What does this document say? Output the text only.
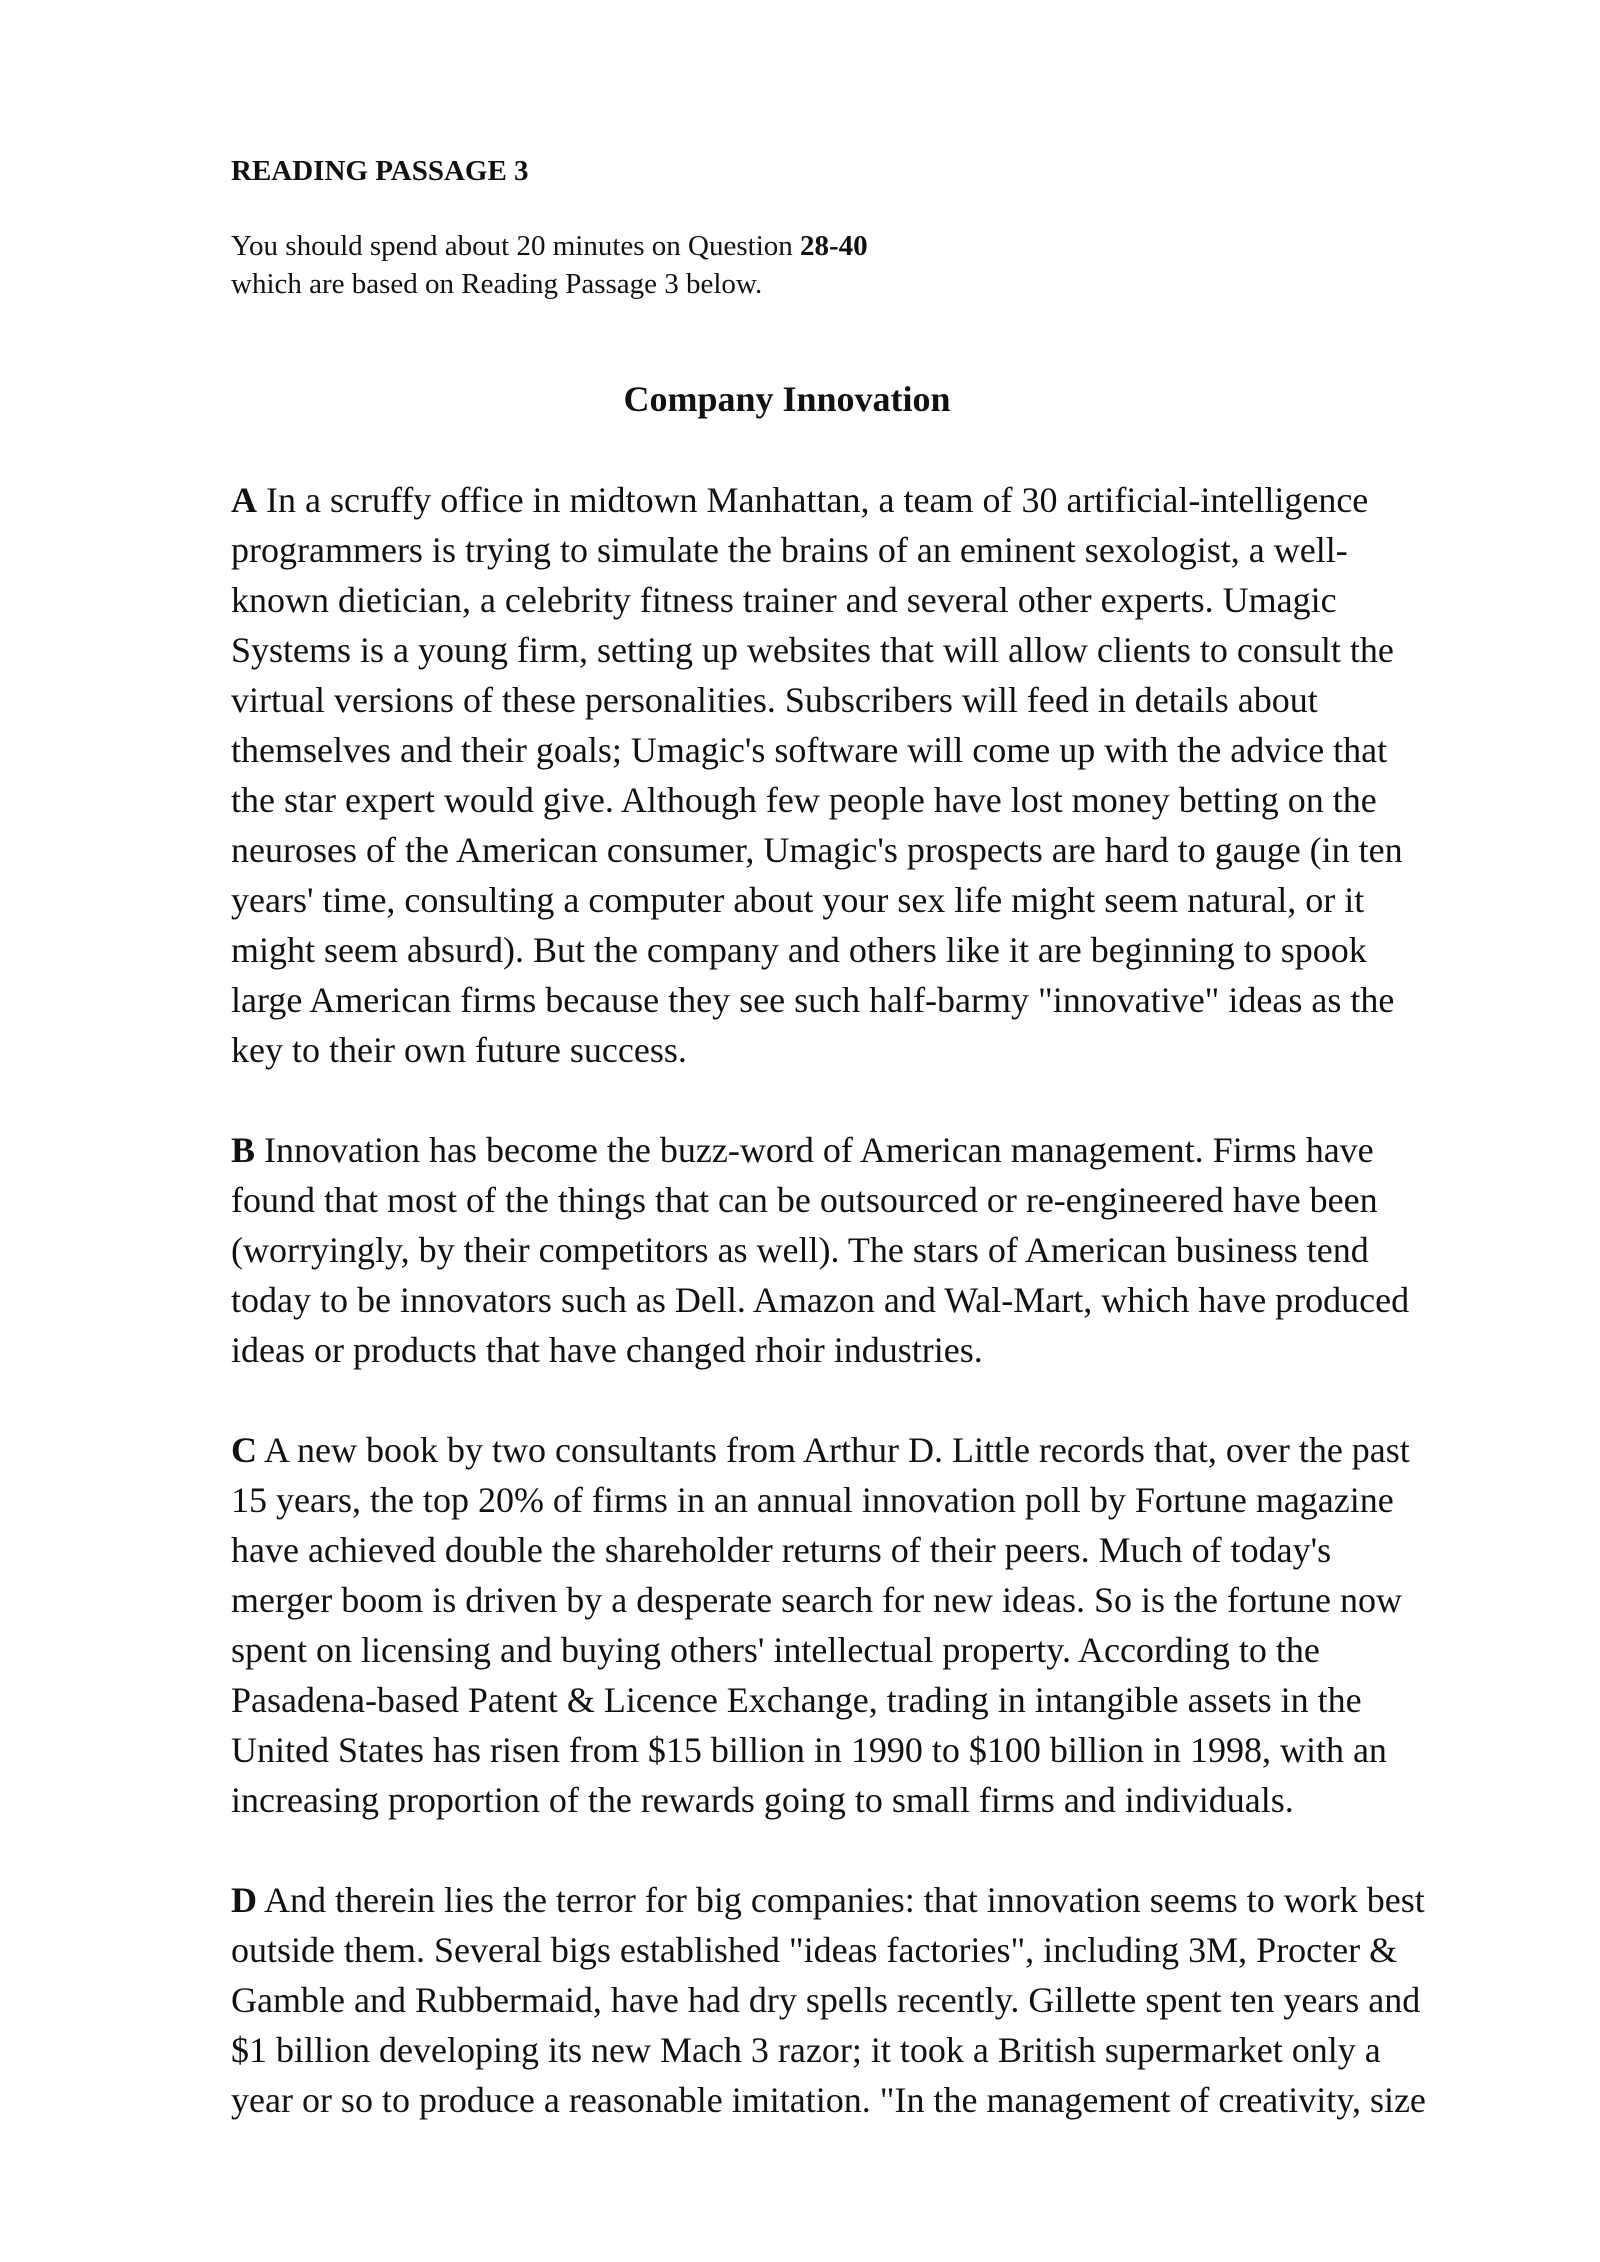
READING PASSAGE 3

You should spend about 20 minutes on Question 28-40
which are based on Reading Passage 3 below.

Company Innovation

A In a scruffy office in midtown Manhattan, a team of 30 artificial-intelligence
programmers is trying to simulate the brains of an eminent sexologist, a well-
known dietician, a celebrity fitness trainer and several other experts. Umagic
Systems is a young firm, setting up websites that will allow clients to consult the
virtual versions of these personalities. Subscribers will feed in details about
themselves and their goals; Umagic's software will come up with the advice that
the star expert would give. Although few people have lost money betting on the
neuroses of the American consumer, Umagic's prospects are hard to gauge (in ten
years' time, consulting a computer about your sex life might seem natural, or it
might seem absurd). But the company and others like it are beginning to spook
large American firms because they see such half-barmy "innovative" ideas as the
key to their own future success.

B Innovation has become the buzz-word of American management. Firms have
found that most of the things that can be outsourced or re-engineered have been
(worryingly, by their competitors as well). The stars of American business tend
today to be innovators such as Dell. Amazon and Wal-Mart, which have produced
ideas or products that have changed rhoir industries.

C A new book by two consultants from Arthur D. Little records that, over the past
15 years, the top 20% of firms in an annual innovation poll by Fortune magazine
have achieved double the shareholder returns of their peers. Much of today's
merger boom is driven by a desperate search for new ideas. So is the fortune now
spent on licensing and buying others' intellectual property. According to the
Pasadena-based Patent & Licence Exchange, trading in intangible assets in the
United States has risen from $15 billion in 1990 to $100 billion in 1998, with an
increasing proportion of the rewards going to small firms and individuals.

D And therein lies the terror for big companies: that innovation seems to work best
outside them. Several bigs established "ideas factories", including 3M, Procter &
Gamble and Rubbermaid, have had dry spells recently. Gillette spent ten years and
$1 billion developing its new Mach 3 razor; it took a British supermarket only a
year or so to produce a reasonable imitation. "In the management of creativity, size
